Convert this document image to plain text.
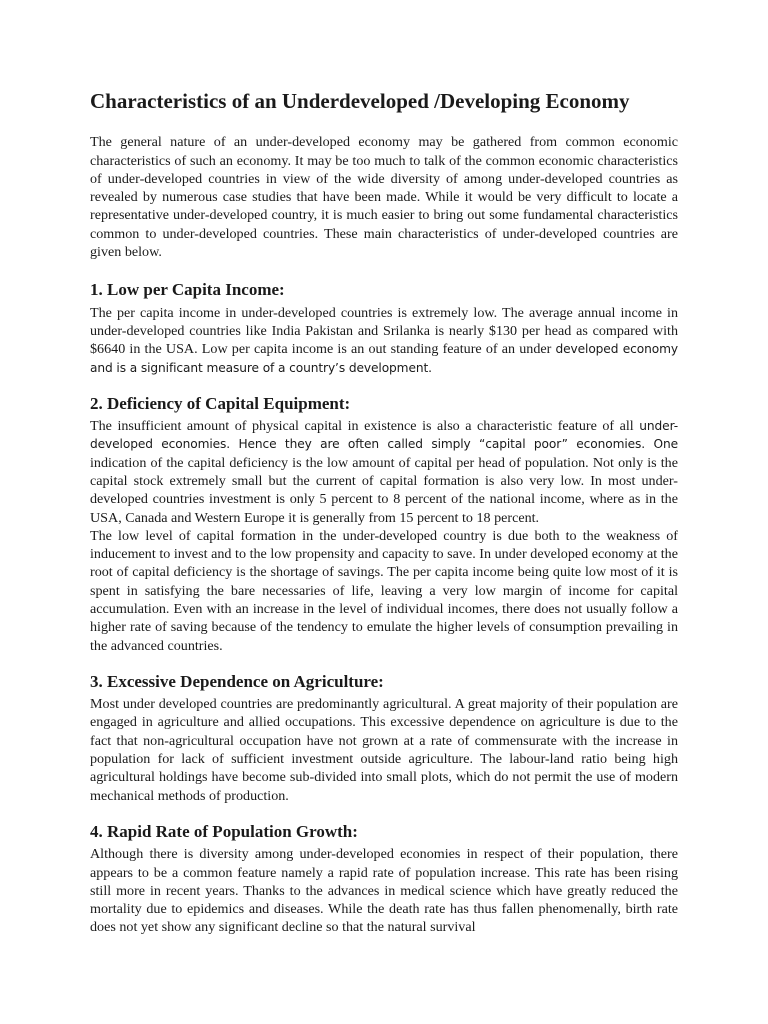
Characteristics of an Underdeveloped /Developing Economy

The general nature of an under-developed economy may be gathered from common economic characteristics of such an economy. It may be too much to talk of the common economic characteristics of under-developed countries in view of the wide diversity of among under-developed countries as revealed by numerous case studies that have been made. While it would be very difficult to locate a representative under-developed country, it is much easier to bring out some fundamental characteristics common to under-developed countries. These main characteristics of under-developed countries are given below.

1. Low per Capita Income:

The per capita income in under-developed countries is extremely low. The average annual income in under-developed countries like India Pakistan and Srilanka is nearly $130 per head as compared with $6640 in the USA. Low per capita income is an out standing feature of an under developed economy and is a significant measure of a country’s development.

2. Deficiency of Capital Equipment:

The insufficient amount of physical capital in existence is also a characteristic feature of all under-developed economies. Hence they are often called simply “capital poor” economies. One indication of the capital deficiency is the low amount of capital per head of population. Not only is the capital stock extremely small but the current of capital formation is also very low. In most under-developed countries investment is only 5 percent to 8 percent of the national income, where as in the USA, Canada and Western Europe it is generally from 15 percent to 18 percent.

The low level of capital formation in the under-developed country is due both to the weakness of inducement to invest and to the low propensity and capacity to save. In under developed economy at the root of capital deficiency is the shortage of savings. The per capita income being quite low most of it is spent in satisfying the bare necessaries of life, leaving a very low margin of income for capital accumulation. Even with an increase in the level of individual incomes, there does not usually follow a higher rate of saving because of the tendency to emulate the higher levels of consumption prevailing in the advanced countries.

3. Excessive Dependence on Agriculture:

Most under developed countries are predominantly agricultural. A great majority of their population are engaged in agriculture and allied occupations. This excessive dependence on agriculture is due to the fact that non-agricultural occupation have not grown at a rate of commensurate with the increase in population for lack of sufficient investment outside agriculture. The labour-land ratio being high agricultural holdings have become sub-divided into small plots, which do not permit the use of modern mechanical methods of production.

4. Rapid Rate of Population Growth:

Although there is diversity among under-developed economies in respect of their population, there appears to be a common feature namely a rapid rate of population increase. This rate has been rising still more in recent years. Thanks to the advances in medical science which have greatly reduced the mortality due to epidemics and diseases. While the death rate has thus fallen phenomenally, birth rate does not yet show any significant decline so that the natural survival
